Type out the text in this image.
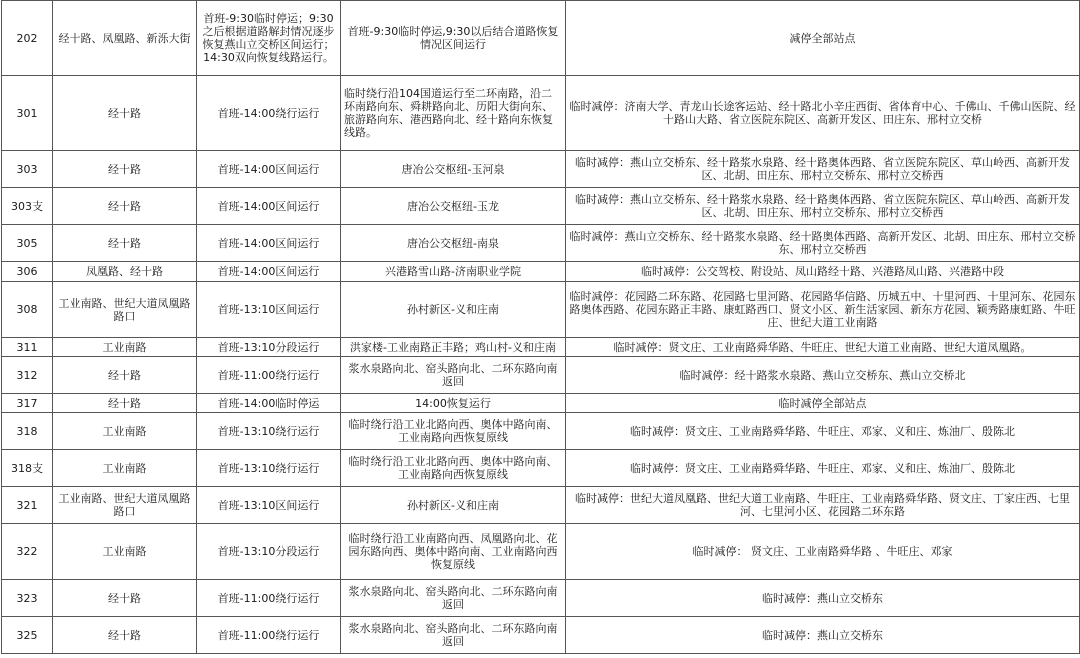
202	经十路、凤凰路、新泺大街	首班-9:30临时停运；9:30之后根据道路解封情况逐步恢复燕山立交桥区间运行；14:30双向恢复线路运行。	首班-9:30临时停运,9:30以后结合道路恢复情况区间运行	减停全部站点
301	经十路	首班-14:00绕行运行	临时绕行沿104国道运行至二环南路，沿二环南路向东、舜耕路向北、历阳大街向东、旅游路向东、港西路向北、经十路向东恢复线路。	临时减停：济南大学、青龙山长途客运站、经十路北小辛庄西街、省体育中心、千佛山、千佛山医院、经十路山大路、省立医院东院区、高新开发区、田庄东、邢村立交桥
303	经十路	首班-14:00区间运行	唐冶公交枢纽-玉河泉	临时减停：燕山立交桥东、经十路浆水泉路、经十路奥体西路、省立医院东院区、草山岭西、高新开发区、北胡、田庄东、邢村立交桥东、邢村立交桥西
303支	经十路	首班-14:00区间运行	唐冶公交枢纽-玉龙	临时减停：燕山立交桥东、经十路浆水泉路、经十路奥体西路、省立医院东院区、草山岭西、高新开发区、北胡、田庄东、邢村立交桥东、邢村立交桥西
305	经十路	首班-14:00区间运行	唐冶公交枢纽-南泉	临时减停：燕山立交桥东、经十路浆水泉路、经十路奥体西路、高新开发区、北胡、田庄东、邢村立交桥东、邢村立交桥西
306	凤凰路、经十路	首班-14:00区间运行	兴港路雪山路-济南职业学院	临时减停：公交驾校、附设站、凤山路经十路、兴港路凤山路、兴港路中段
308	工业南路、世纪大道凤凰路路口	首班-13:10区间运行	孙村新区-义和庄南	临时减停：花园路二环东路、花园路七里河路、花园路华信路、历城五中、十里河西、十里河东、花园东路奥体西路、花园东路正丰路、康虹路西口、贤文小区、新生活家园、新东方花园、颖秀路康虹路、牛旺庄、世纪大道工业南路
311	工业南路	首班-13:10分段运行	洪家楼-工业南路正丰路；鸡山村-义和庄南	临时减停：贤文庄、工业南路舜华路、牛旺庄、世纪大道工业南路、世纪大道凤凰路。
312	经十路	首班-11:00绕行运行	浆水泉路向北、窑头路向北、二环东路向南返回	临时减停：经十路浆水泉路、燕山立交桥东、燕山立交桥北
317	经十路	首班-14:00临时停运	14:00恢复运行	临时减停全部站点
318	工业南路	首班-13:10绕行运行	临时绕行沿工业北路向西、奥体中路向南、工业南路向西恢复原线	临时减停：贤文庄、工业南路舜华路、牛旺庄、邓家、义和庄、炼油厂、殷陈北
318支	工业南路	首班-13:10绕行运行	临时绕行沿工业北路向西、奥体中路向南、工业南路向西恢复原线	临时减停：贤文庄、工业南路舜华路、牛旺庄、邓家、义和庄、炼油厂、殷陈北
321	工业南路、世纪大道凤凰路路口	首班-13:10区间运行	孙村新区-义和庄南	临时减停：世纪大道凤凰路、世纪大道工业南路、牛旺庄、工业南路舜华路、贤文庄、丁家庄西、七里河、七里河小区、花园路二环东路
322	工业南路	首班-13:10分段运行	临时绕行沿工业南路向西、凤凰路向北、花园东路向西、奥体中路向南、工业南路向西恢复原线	临时减停： 贤文庄、工业南路舜华路 、牛旺庄、邓家
323	经十路	首班-11:00绕行运行	浆水泉路向北、窑头路向北、二环东路向南返回	临时减停：燕山立交桥东
325	经十路	首班-11:00绕行运行	浆水泉路向北、窑头路向北、二环东路向南返回	临时减停：燕山立交桥东
